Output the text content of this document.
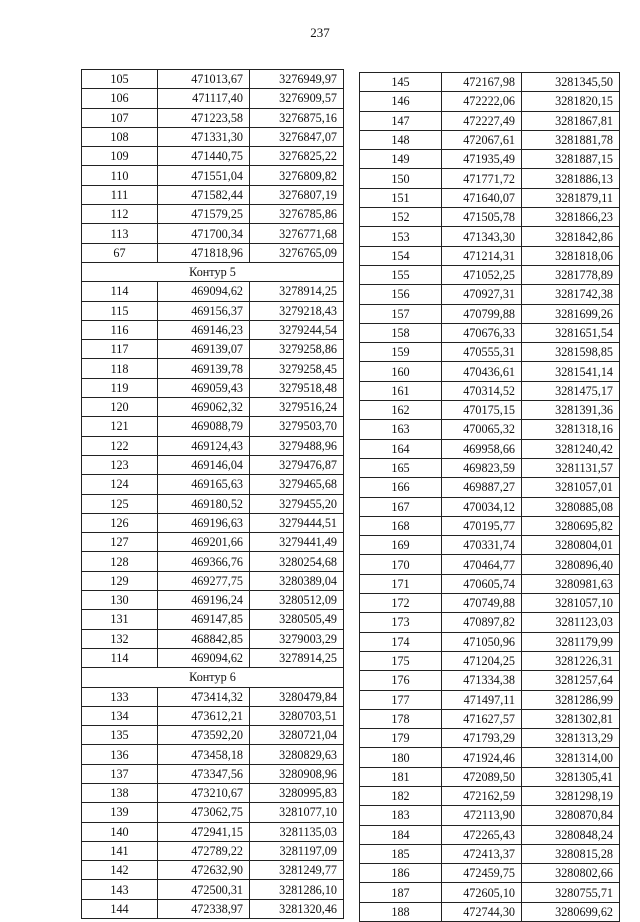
237
105	471013,67	3276949,97
106	471117,40	3276909,57
107	471223,58	3276875,16
108	471331,30	3276847,07
109	471440,75	3276825,22
110	471551,04	3276809,82
111	471582,44	3276807,19
112	471579,25	3276785,86
113	471700,34	3276771,68
67	471818,96	3276765,09
Контур 5		
114	469094,62	3278914,25
115	469156,37	3279218,43
116	469146,23	3279244,54
117	469139,07	3279258,86
118	469139,78	3279258,45
119	469059,43	3279518,48
120	469062,32	3279516,24
121	469088,79	3279503,70
122	469124,43	3279488,96
123	469146,04	3279476,87
124	469165,63	3279465,68
125	469180,52	3279455,20
126	469196,63	3279444,51
127	469201,66	3279441,49
128	469366,76	3280254,68
129	469277,75	3280389,04
130	469196,24	3280512,09
131	469147,85	3280505,49
132	468842,85	3279003,29
114	469094,62	3278914,25
Контур 6		
133	473414,32	3280479,84
134	473612,21	3280703,51
135	473592,20	3280721,04
136	473458,18	3280829,63
137	473347,56	3280908,96
138	473210,67	3280995,83
139	473062,75	3281077,10
140	472941,15	3281135,03
141	472789,22	3281197,09
142	472632,90	3281249,77
143	472500,31	3281286,10
144	472338,97	3281320,46
145	472167,98	3281345,50
146	472222,06	3281820,15
147	472227,49	3281867,81
148	472067,61	3281881,78
149	471935,49	3281887,15
150	471771,72	3281886,13
151	471640,07	3281879,11
152	471505,78	3281866,23
153	471343,30	3281842,86
154	471214,31	3281818,06
155	471052,25	3281778,89
156	470927,31	3281742,38
157	470799,88	3281699,26
158	470676,33	3281651,54
159	470555,31	3281598,85
160	470436,61	3281541,14
161	470314,52	3281475,17
162	470175,15	3281391,36
163	470065,32	3281318,16
164	469958,66	3281240,42
165	469823,59	3281131,57
166	469887,27	3281057,01
167	470034,12	3280885,08
168	470195,77	3280695,82
169	470331,74	3280804,01
170	470464,77	3280896,40
171	470605,74	3280981,63
172	470749,88	3281057,10
173	470897,82	3281123,03
174	471050,96	3281179,99
175	471204,25	3281226,31
176	471334,38	3281257,64
177	471497,11	3281286,99
178	471627,57	3281302,81
179	471793,29	3281313,29
180	471924,46	3281314,00
181	472089,50	3281305,41
182	472162,59	3281298,19
183	472113,90	3280870,84
184	472265,43	3280848,24
185	472413,37	3280815,28
186	472459,75	3280802,66
187	472605,10	3280755,71
188	472744,30	3280699,62
